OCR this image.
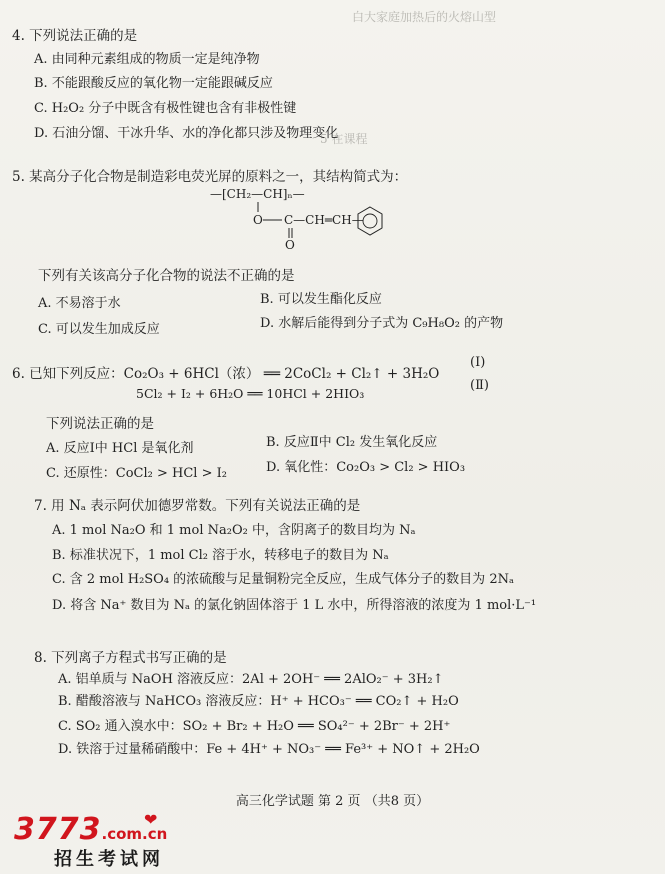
白大家庭加热后的火熔山型
5 在课程
4. 下列说法正确的是
A. 由同种元素组成的物质一定是纯净物
B. 不能跟酸反应的氧化物一定能跟碱反应
C. H₂O₂ 分子中既含有极性键也含有非极性键
D. 石油分馏、干冰升华、水的净化都只涉及物理变化
5. 某高分子化合物是制造彩电荧光屏的原料之一，其结构简式为：
—[CH₂—CH]ₙ—
O C—CH═CH—
O
下列有关该高分子化合物的说法不正确的是
A. 不易溶于水	B. 可以发生酯化反应
C. 可以发生加成反应	D. 水解后能得到分子式为 C₉H₈O₂ 的产物
6. 已知下列反应：Co₂O₃ + 6HCl（浓） ══ 2CoCl₂ + Cl₂↑ + 3H₂O
5Cl₂ + I₂ + 6H₂O ══ 10HCl + 2HIO₃
(Ⅰ)
(Ⅱ)
下列说法正确的是
A. 反应Ⅰ中 HCl 是氧化剂	B. 反应Ⅱ中 Cl₂ 发生氧化反应
C. 还原性：CoCl₂ > HCl > I₂	D. 氧化性：Co₂O₃ > Cl₂ > HIO₃
7. 用 Nₐ 表示阿伏加德罗常数。下列有关说法正确的是
A. 1 mol Na₂O 和 1 mol Na₂O₂ 中，含阴离子的数目均为 Nₐ
B. 标准状况下，1 mol Cl₂ 溶于水，转移电子的数目为 Nₐ
C. 含 2 mol H₂SO₄ 的浓硫酸与足量铜粉完全反应，生成气体分子的数目为 2Nₐ
D. 将含 Na⁺ 数目为 Nₐ 的氯化钠固体溶于 1 L 水中，所得溶液的浓度为 1 mol·L⁻¹
8. 下列离子方程式书写正确的是
A. 铝单质与 NaOH 溶液反应：2Al + 2OH⁻ ══ 2AlO₂⁻ + 3H₂↑
B. 醋酸溶液与 NaHCO₃ 溶液反应：H⁺ + HCO₃⁻ ══ CO₂↑ + H₂O
C. SO₂ 通入溴水中：SO₂ + Br₂ + H₂O ══ SO₄²⁻ + 2Br⁻ + 2H⁺
D. 铁溶于过量稀硝酸中：Fe + 4H⁺ + NO₃⁻ ══ Fe³⁺ + NO↑ + 2H₂O
高三化学试题 第 2 页 （共8 页）
❤
3773.com.cn
招生考试网
